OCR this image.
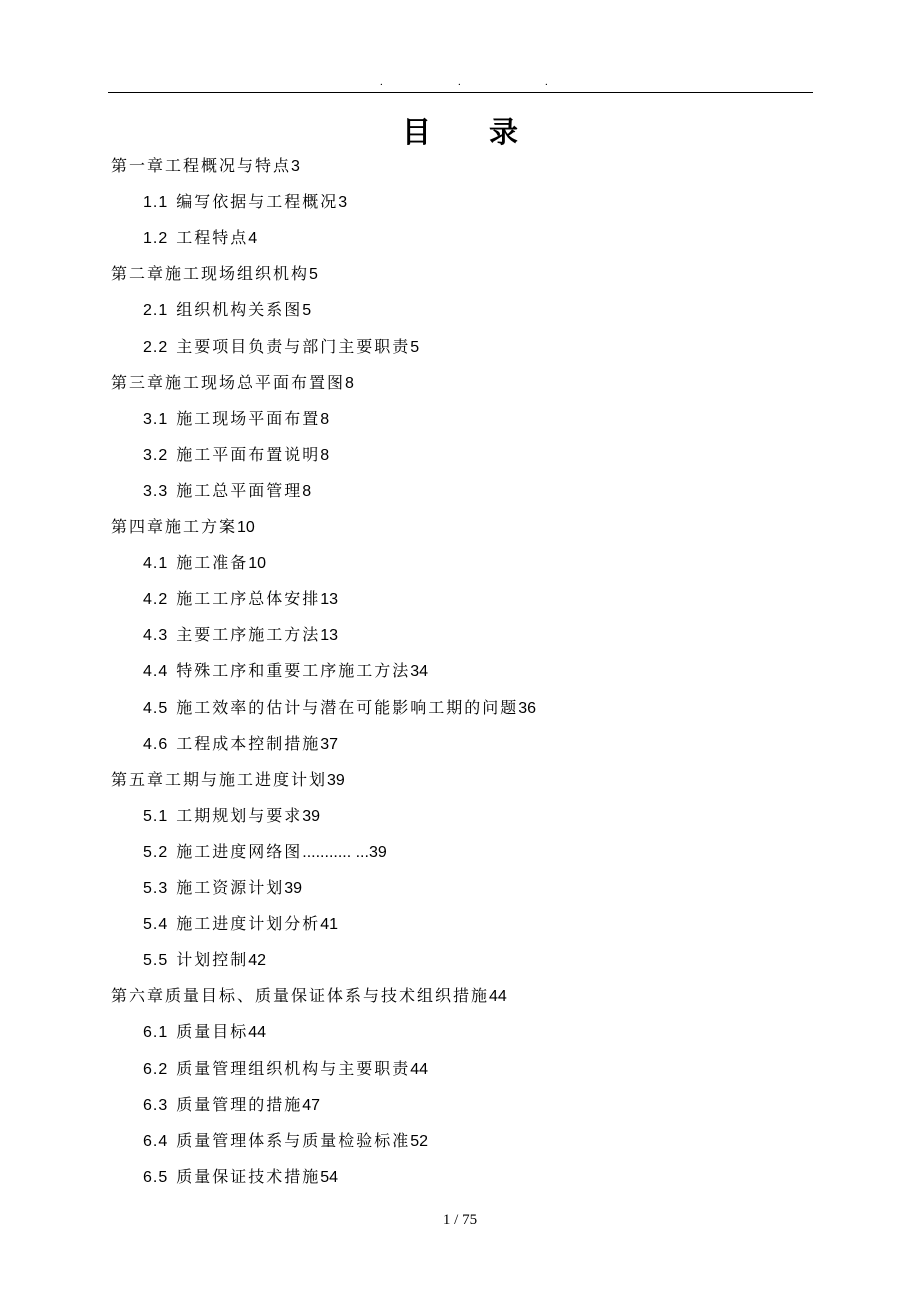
.	.	.
目录
第一章工程概况与特点3
1.1 编写依据与工程概况3
1.2 工程特点4
第二章施工现场组织机构5
2.1 组织机构关系图5
2.2 主要项目负责与部门主要职责5
第三章施工现场总平面布置图8
3.1 施工现场平面布置8
3.2 施工平面布置说明8
3.3 施工总平面管理8
第四章施工方案10
4.1 施工准备10
4.2 施工工序总体安排13
4.3 主要工序施工方法13
4.4 特殊工序和重要工序施工方法34
4.5 施工效率的估计与潜在可能影响工期的问题36
4.6 工程成本控制措施37
第五章工期与施工进度计划39
5.1 工期规划与要求39
5.2 施工进度网络图........... ...39
5.3 施工资源计划39
5.4 施工进度计划分析41
5.5 计划控制42
第六章质量目标、质量保证体系与技术组织措施44
6.1 质量目标44
6.2 质量管理组织机构与主要职责44
6.3 质量管理的措施47
6.4 质量管理体系与质量检验标准52
6.5 质量保证技术措施54
1 / 75
